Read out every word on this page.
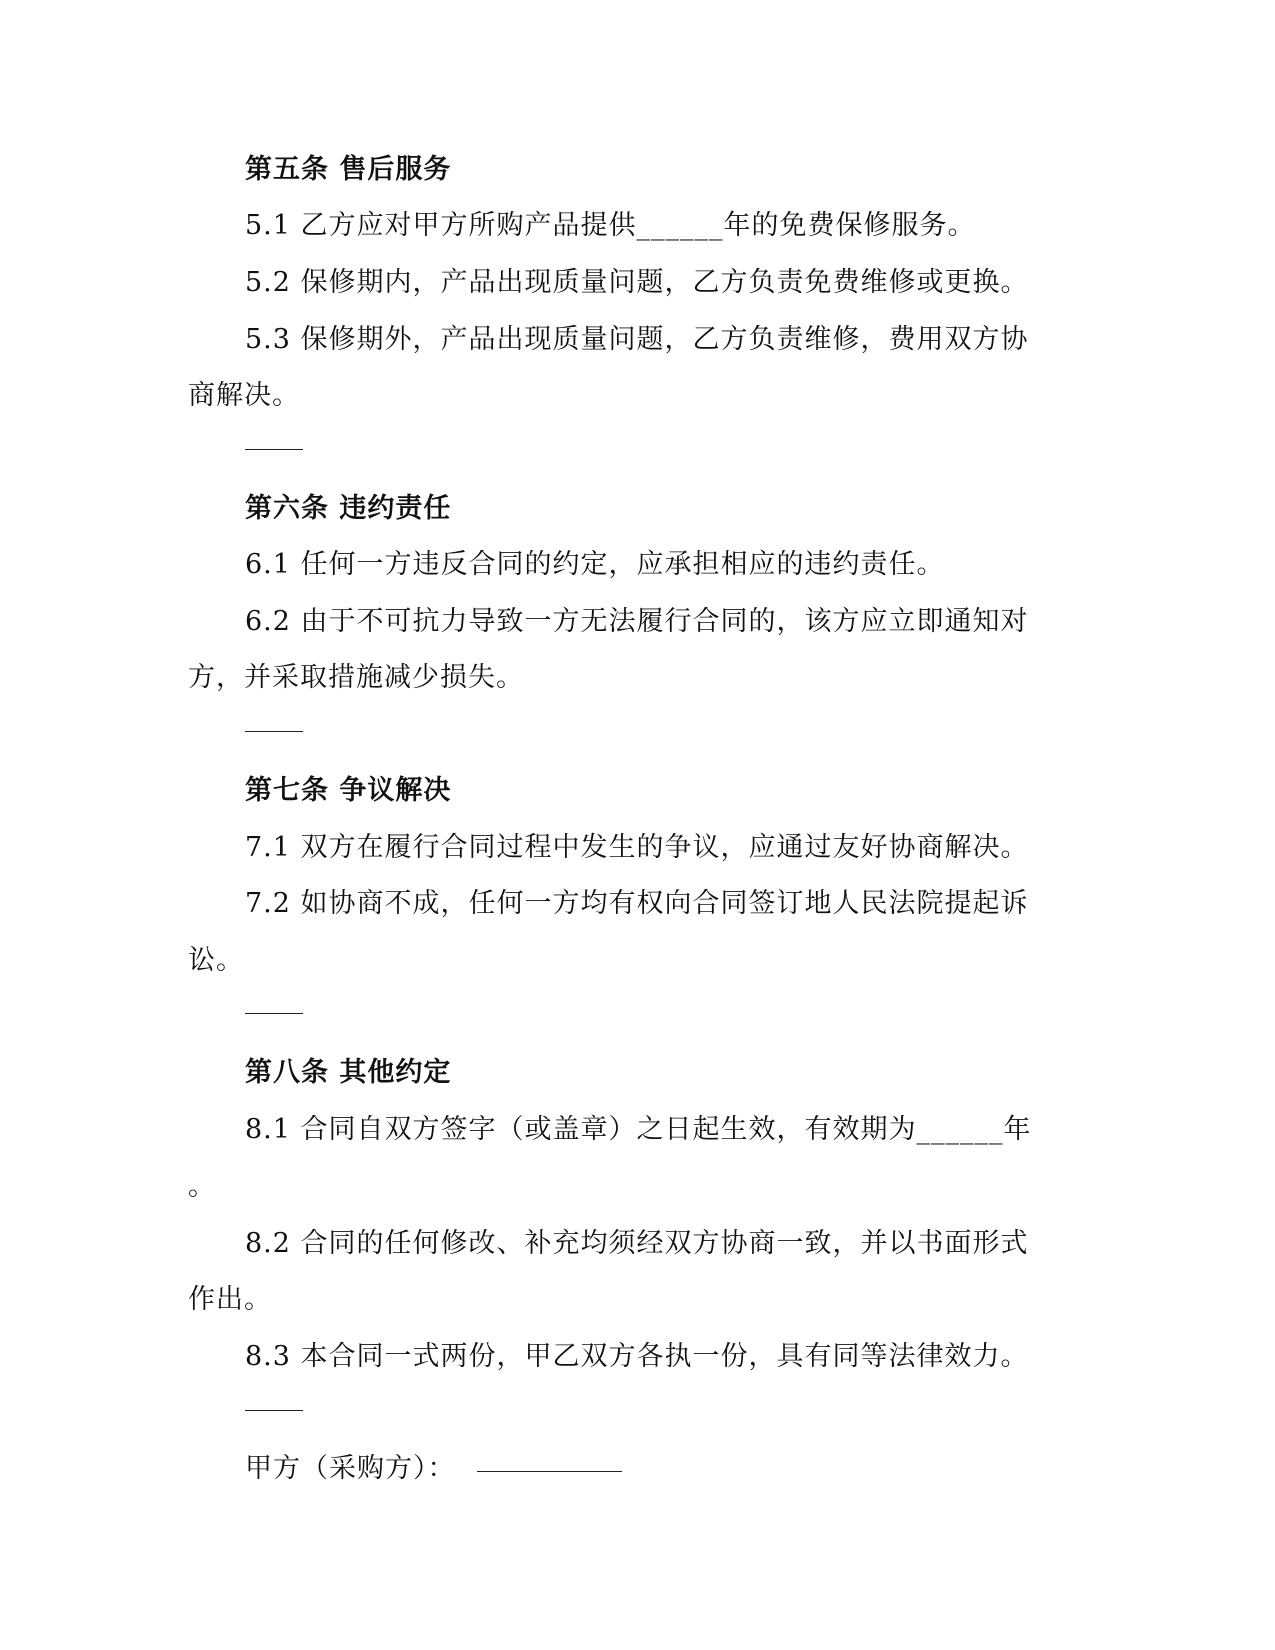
第五条 售后服务
5.1 乙方应对甲方所购产品提供______年的免费保修服务。
5.2 保修期内，产品出现质量问题，乙方负责免费维修或更换。
5.3 保修期外，产品出现质量问题，乙方负责维修，费用双方协
商解决。
第六条 违约责任
6.1 任何一方违反合同的约定，应承担相应的违约责任。
6.2 由于不可抗力导致一方无法履行合同的，该方应立即通知对
方，并采取措施减少损失。
第七条 争议解决
7.1 双方在履行合同过程中发生的争议，应通过友好协商解决。
7.2 如协商不成，任何一方均有权向合同签订地人民法院提起诉
讼。
第八条 其他约定
8.1 合同自双方签字（或盖章）之日起生效，有效期为______年
。
8.2 合同的任何修改、补充均须经双方协商一致，并以书面形式
作出。
8.3 本合同一式两份，甲乙双方各执一份，具有同等法律效力。
甲方（采购方）：
